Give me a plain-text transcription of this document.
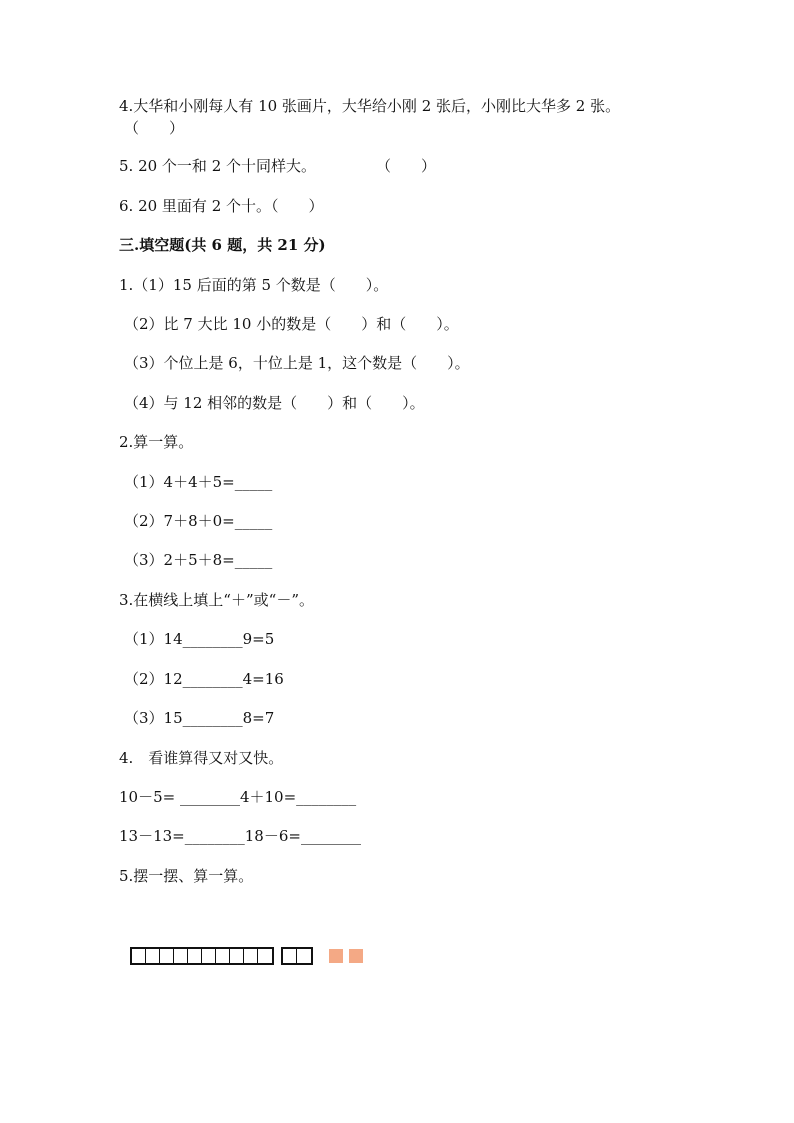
4.大华和小刚每人有 10 张画片，大华给小刚 2 张后，小刚比大华多 2 张。
（　　）
5. 20 个一和 2 个十同样大。　　　　　（　　）
6. 20 里面有 2 个十。（　　）
三.填空题(共 6 题，共 21 分)
1.（1）15 后面的第 5 个数是（　　）。
（2）比 7 大比 10 小的数是（　　）和（　　）。
（3）个位上是 6，十位上是 1，这个数是（　　）。
（4）与 12 相邻的数是（　　）和（　　）。
2.算一算。
（1）4＋4＋5=_____
（2）7＋8＋0=_____
（3）2＋5＋8=_____
3.在横线上填上“＋”或“－”。
（1）14________9=5
（2）12________4=16
（3）15________8=7
4.　看谁算得又对又快。
10－5= ________4＋10=________
13－13=________18－6=________
5.摆一摆、算一算。
